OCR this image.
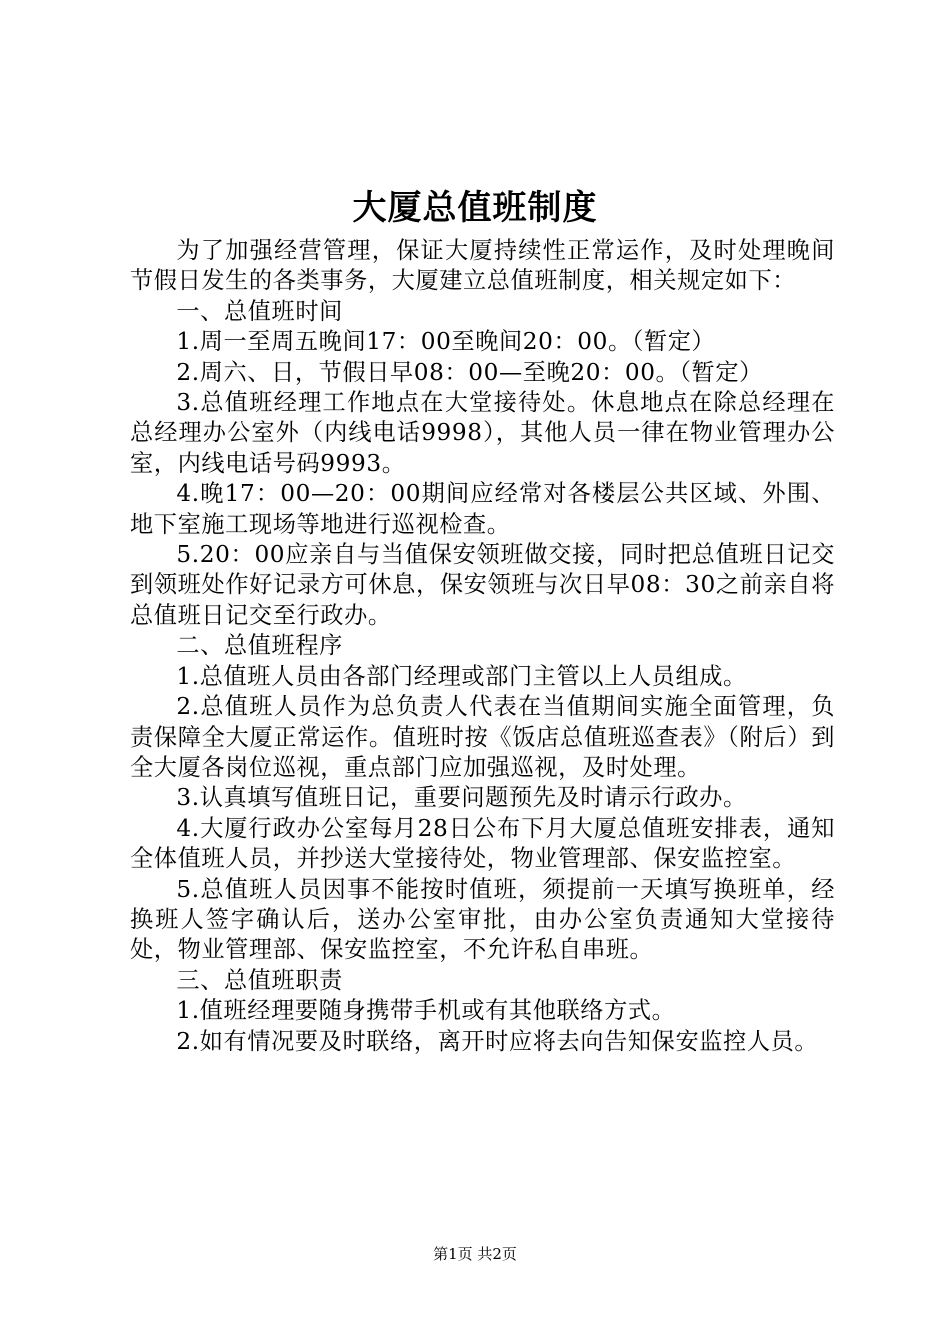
大厦总值班制度

为了加强经营管理，保证大厦持续性正常运作，及时处理晚间节假日发生的各类事务，大厦建立总值班制度，相关规定如下：

一、总值班时间

1.周一至周五晚间17：00至晚间20：00。（暂定）

2.周六、日，节假日早08：00—至晚20：00。（暂定）

3.总值班经理工作地点在大堂接待处。休息地点在除总经理在总经理办公室外（内线电话9998），其他人员一律在物业管理办公室，内线电话号码9993。

4.晚17：00—20：00期间应经常对各楼层公共区域、外围、地下室施工现场等地进行巡视检查。

5.20：00应亲自与当值保安领班做交接，同时把总值班日记交到领班处作好记录方可休息，保安领班与次日早08：30之前亲自将总值班日记交至行政办。

二、总值班程序

1.总值班人员由各部门经理或部门主管以上人员组成。

2.总值班人员作为总负责人代表在当值期间实施全面管理，负责保障全大厦正常运作。值班时按《饭店总值班巡查表》（附后）到全大厦各岗位巡视，重点部门应加强巡视，及时处理。

3.认真填写值班日记，重要问题预先及时请示行政办。

4.大厦行政办公室每月28日公布下月大厦总值班安排表，通知全体值班人员，并抄送大堂接待处，物业管理部、保安监控室。

5.总值班人员因事不能按时值班，须提前一天填写换班单，经换班人签字确认后，送办公室审批，由办公室负责通知大堂接待处，物业管理部、保安监控室，不允许私自串班。

三、总值班职责

1.值班经理要随身携带手机或有其他联络方式。

2.如有情况要及时联络，离开时应将去向告知保安监控人员。

第1页 共2页
